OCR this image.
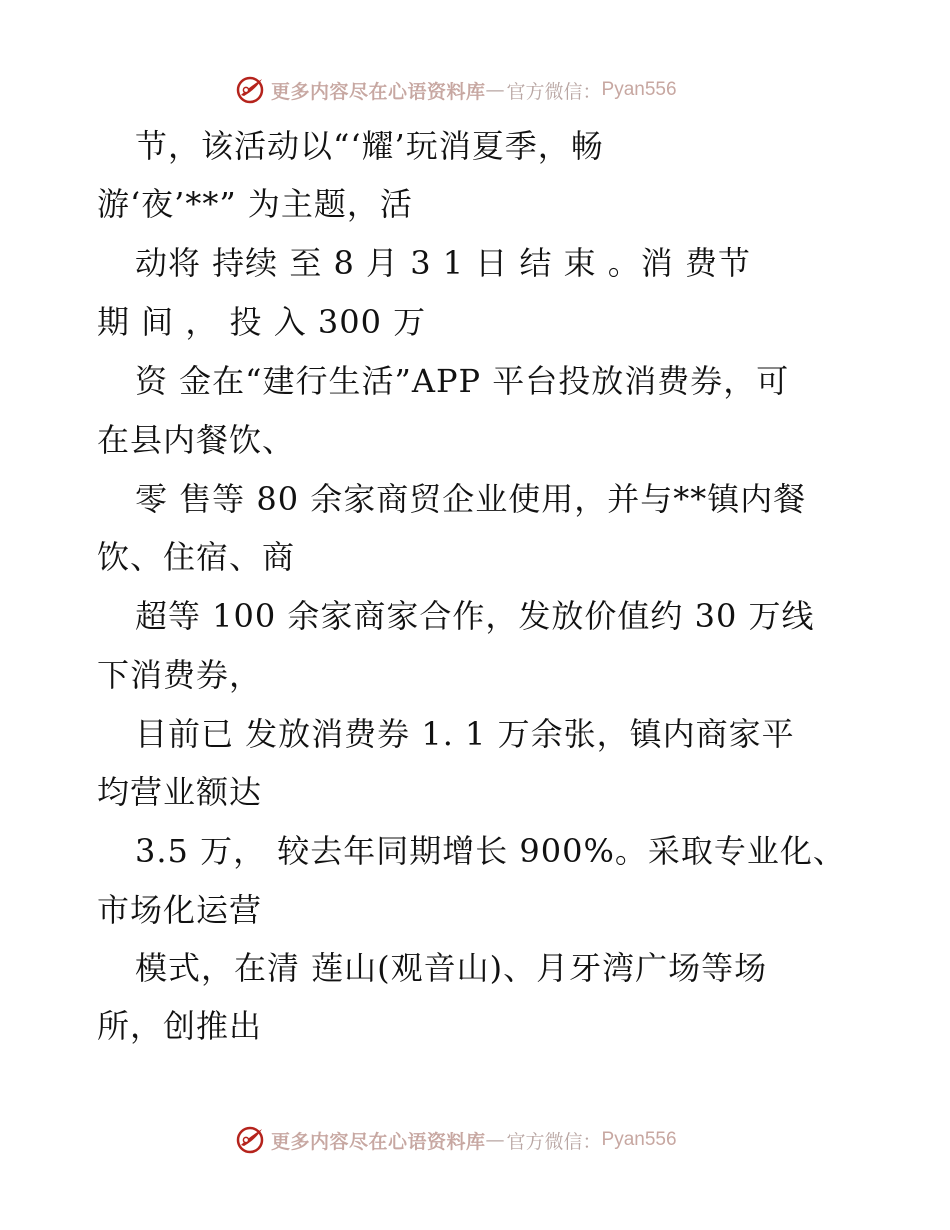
更多内容尽在心语资料库 — 官方微信： Pyan556
节，该活动以“‘耀’玩消夏季，畅
游‘夜’**” 为主题，活
动将 持续 至 8 月 3 1 日 结 束 。消 费节
期 间 ， 投 入 300 万
资 金在“建行生活”APP 平台投放消费券，可
在县内餐饮、
零 售等 80 余家商贸企业使用，并与**镇内餐
饮、住宿、商
超等 100 余家商家合作，发放价值约 30 万线
下消费券，
目前已 发放消费券 1. 1 万余张，镇内商家平
均营业额达
3.5 万， 较去年同期增长 900%。采取专业化、
市场化运营
模式，在清 莲山(观音山)、月牙湾广场等场
所，创推出
更多内容尽在心语资料库 — 官方微信： Pyan556
